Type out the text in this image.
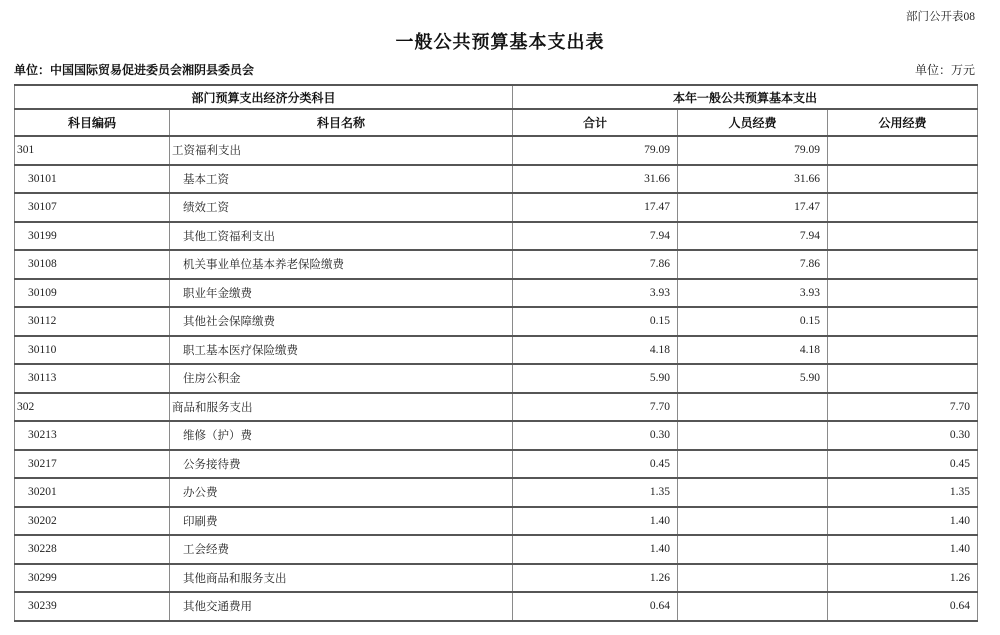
部门公开表08
一般公共预算基本支出表
单位：中国国际贸易促进委员会湘阴县委员会	单位：万元
部门预算支出经济分类科目		本年一般公共预算基本支出		
科目编码	科目名称	合计	人员经费	公用经费
301	工资福利支出	79.09	79.09	
30101	基本工资	31.66	31.66	
30107	绩效工资	17.47	17.47	
30199	其他工资福利支出	7.94	7.94	
30108	机关事业单位基本养老保险缴费	7.86	7.86	
30109	职业年金缴费	3.93	3.93	
30112	其他社会保障缴费	0.15	0.15	
30110	职工基本医疗保险缴费	4.18	4.18	
30113	住房公积金	5.90	5.90	
302	商品和服务支出	7.70		7.70
30213	维修（护）费	0.30		0.30
30217	公务接待费	0.45		0.45
30201	办公费	1.35		1.35
30202	印刷费	1.40		1.40
30228	工会经费	1.40		1.40
30299	其他商品和服务支出	1.26		1.26
30239	其他交通费用	0.64		0.64
